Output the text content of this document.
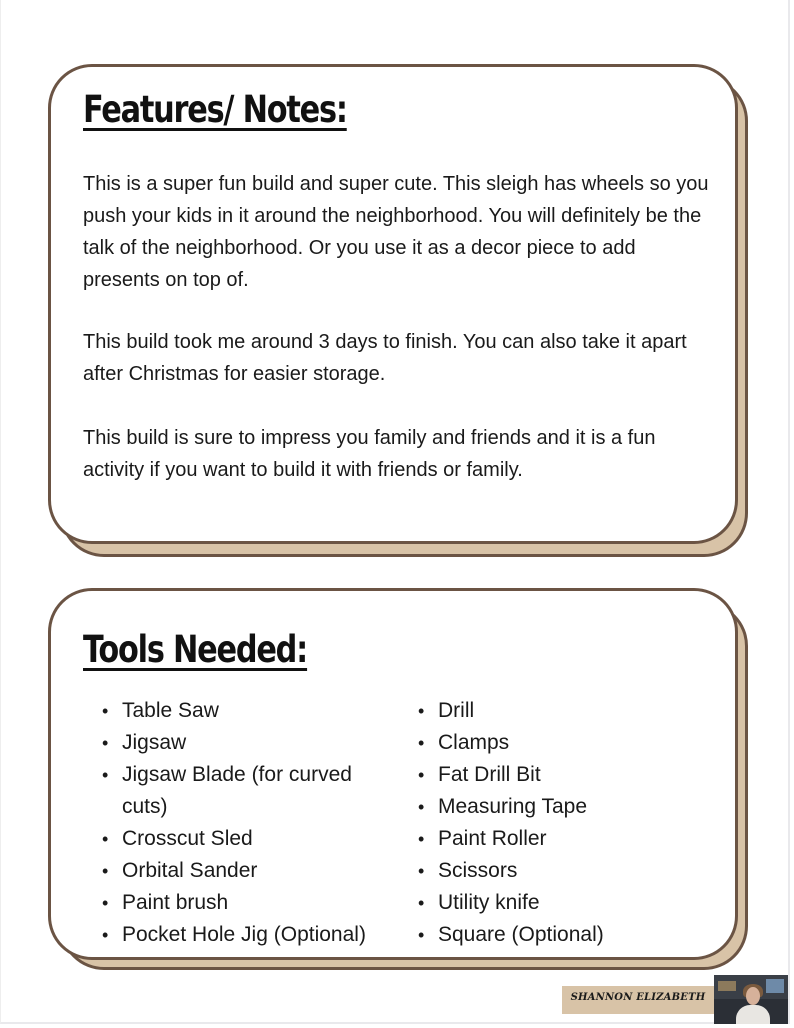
Features/ Notes:

This is a super fun build and super cute. This sleigh has wheels so you push your kids in it around the neighborhood. You will definitely be the talk of the neighborhood. Or you use it as a decor piece to add presents on top of.

This build took me around 3 days to finish. You can also take it apart after Christmas for easier storage.

This build is sure to impress you family and friends and it is a fun activity if you want to build it with friends or family.

Tools Needed:
• Table Saw
• Jigsaw
• Jigsaw Blade (for curved cuts)
• Crosscut Sled
• Orbital Sander
• Paint brush
• Pocket Hole Jig (Optional)
• Drill
• Clamps
• Fat Drill Bit
• Measuring Tape
• Paint Roller
• Scissors
• Utility knife
• Square (Optional)
SHANNON ELIZABETH
